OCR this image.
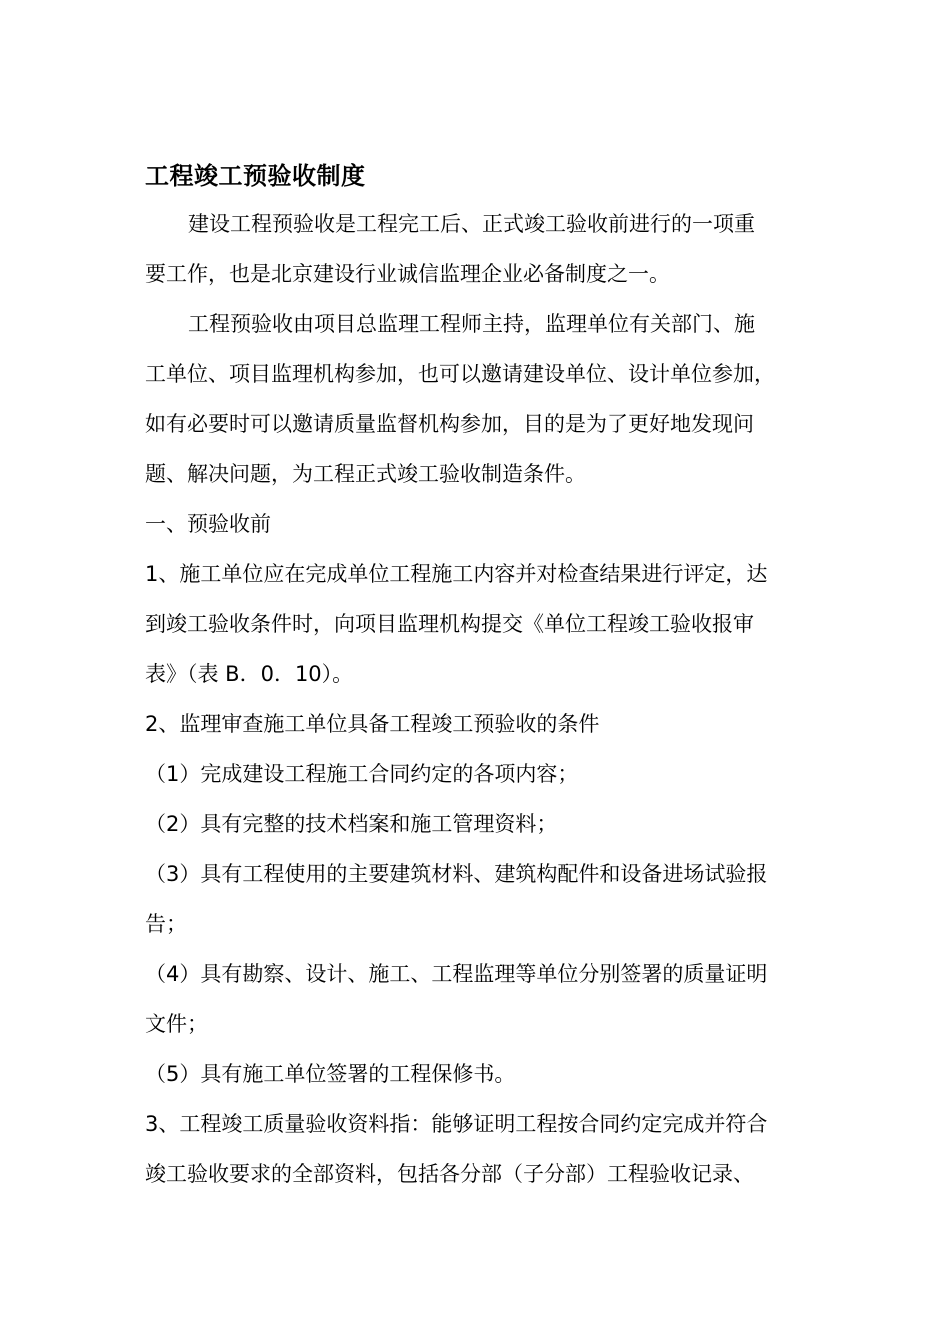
工程竣工预验收制度
建设工程预验收是工程完工后、正式竣工验收前进行的一项重
要工作，也是北京建设行业诚信监理企业必备制度之一。
工程预验收由项目总监理工程师主持，监理单位有关部门、施
工单位、项目监理机构参加，也可以邀请建设单位、设计单位参加，
如有必要时可以邀请质量监督机构参加，目的是为了更好地发现问
题、解决问题，为工程正式竣工验收制造条件。
一、预验收前
1、施工单位应在完成单位工程施工内容并对检查结果进行评定，达
到竣工验收条件时，向项目监理机构提交《单位工程竣工验收报审
表》（表 B．0．10）。
2、监理审查施工单位具备工程竣工预验收的条件
（1）完成建设工程施工合同约定的各项内容；
（2）具有完整的技术档案和施工管理资料；
（3）具有工程使用的主要建筑材料、建筑构配件和设备进场试验报
告；
（4）具有勘察、设计、施工、工程监理等单位分别签署的质量证明
文件；
（5）具有施工单位签署的工程保修书。
3、工程竣工质量验收资料指：能够证明工程按合同约定完成并符合
竣工验收要求的全部资料，包括各分部（子分部）工程验收记录、
